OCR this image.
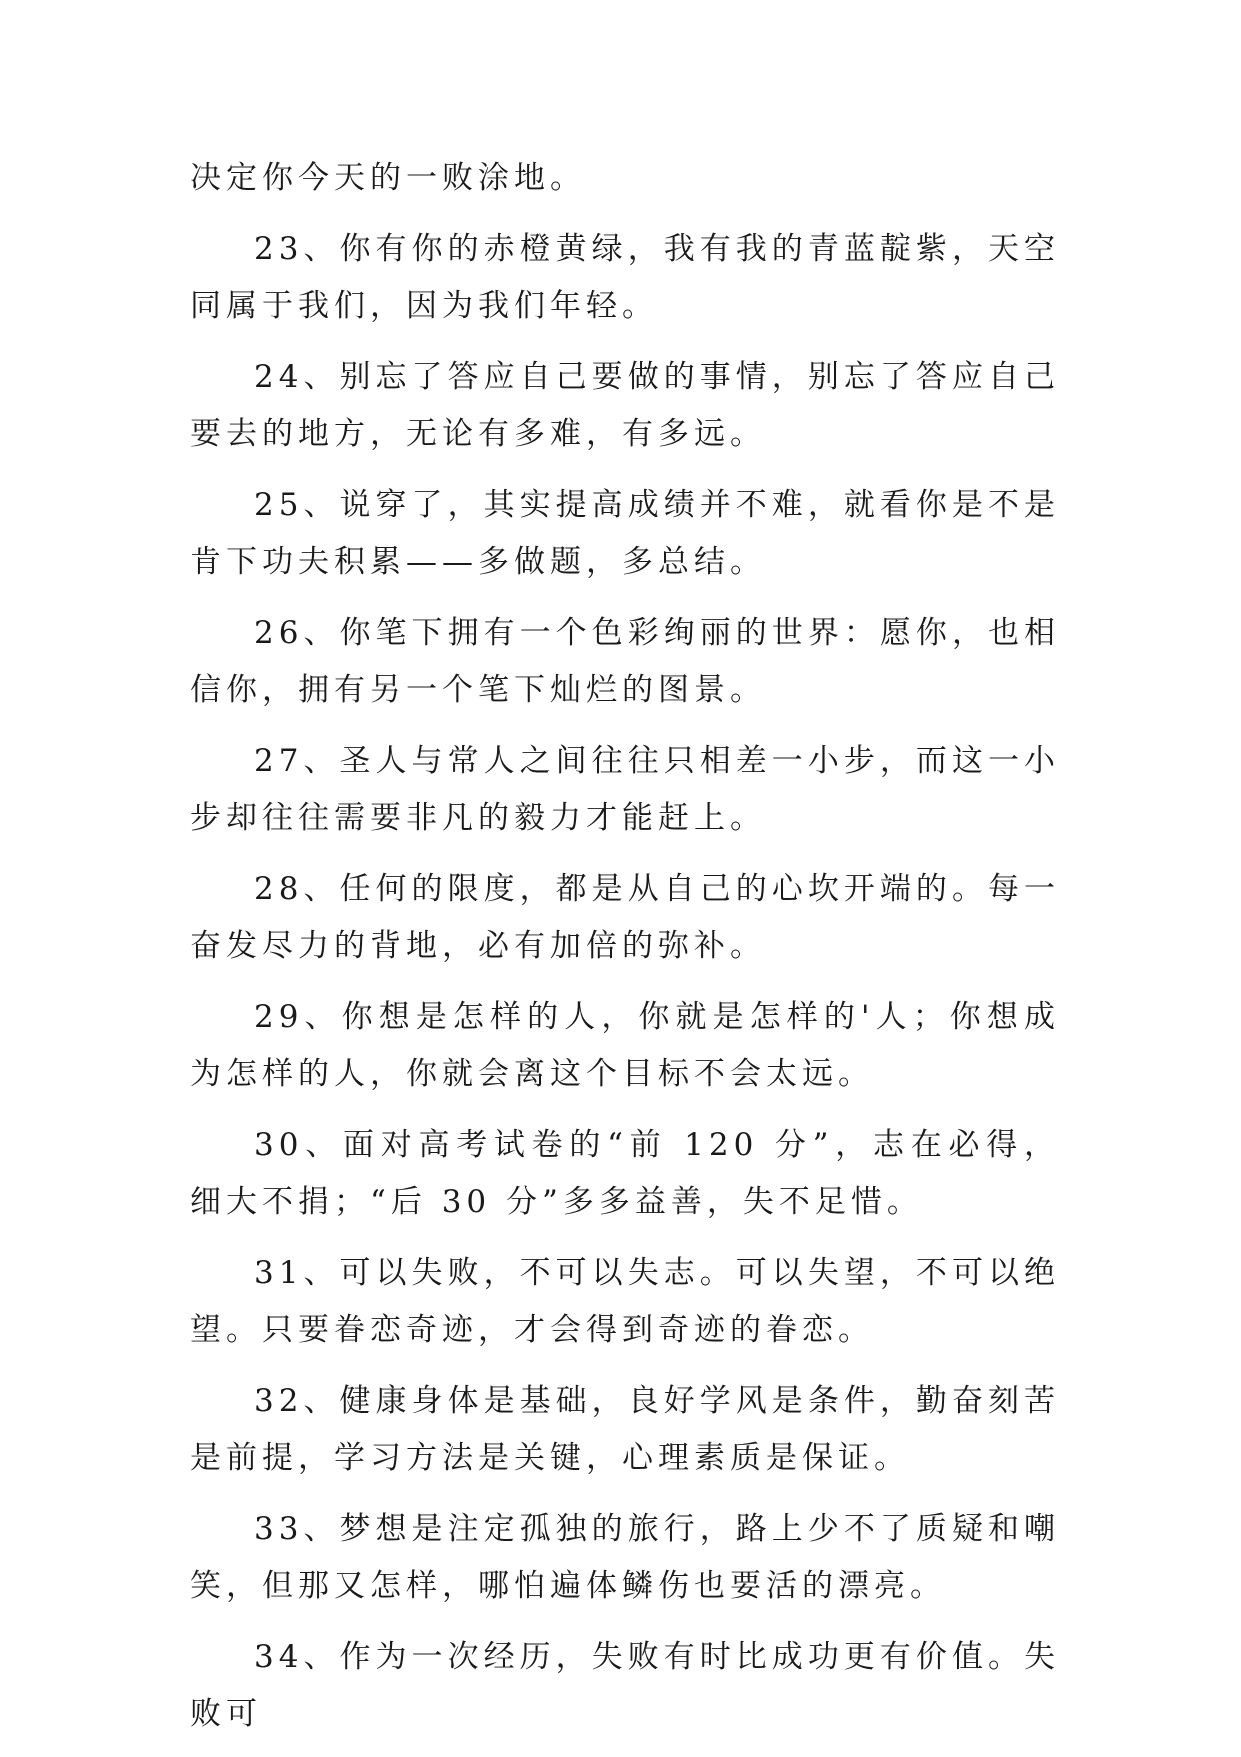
决定你今天的一败涂地。

23、你有你的赤橙黄绿，我有我的青蓝靛紫，天空同属于我们，因为我们年轻。

24、别忘了答应自己要做的事情，别忘了答应自己要去的地方，无论有多难，有多远。

25、说穿了，其实提高成绩并不难，就看你是不是肯下功夫积累——多做题，多总结。

26、你笔下拥有一个色彩绚丽的世界：愿你，也相信你，拥有另一个笔下灿烂的图景。

27、圣人与常人之间往往只相差一小步，而这一小步却往往需要非凡的毅力才能赶上。

28、任何的限度，都是从自己的心坎开端的。每一奋发尽力的背地，必有加倍的弥补。

29、你想是怎样的人，你就是怎样的'人；你想成为怎样的人，你就会离这个目标不会太远。

30、面对高考试卷的“前 120 分”，志在必得，细大不捐；“后 30 分”多多益善，失不足惜。

31、可以失败，不可以失志。可以失望，不可以绝望。只要眷恋奇迹，才会得到奇迹的眷恋。

32、健康身体是基础，良好学风是条件，勤奋刻苦是前提，学习方法是关键，心理素质是保证。

33、梦想是注定孤独的旅行，路上少不了质疑和嘲笑，但那又怎样，哪怕遍体鳞伤也要活的漂亮。

34、作为一次经历，失败有时比成功更有价值。失败可
